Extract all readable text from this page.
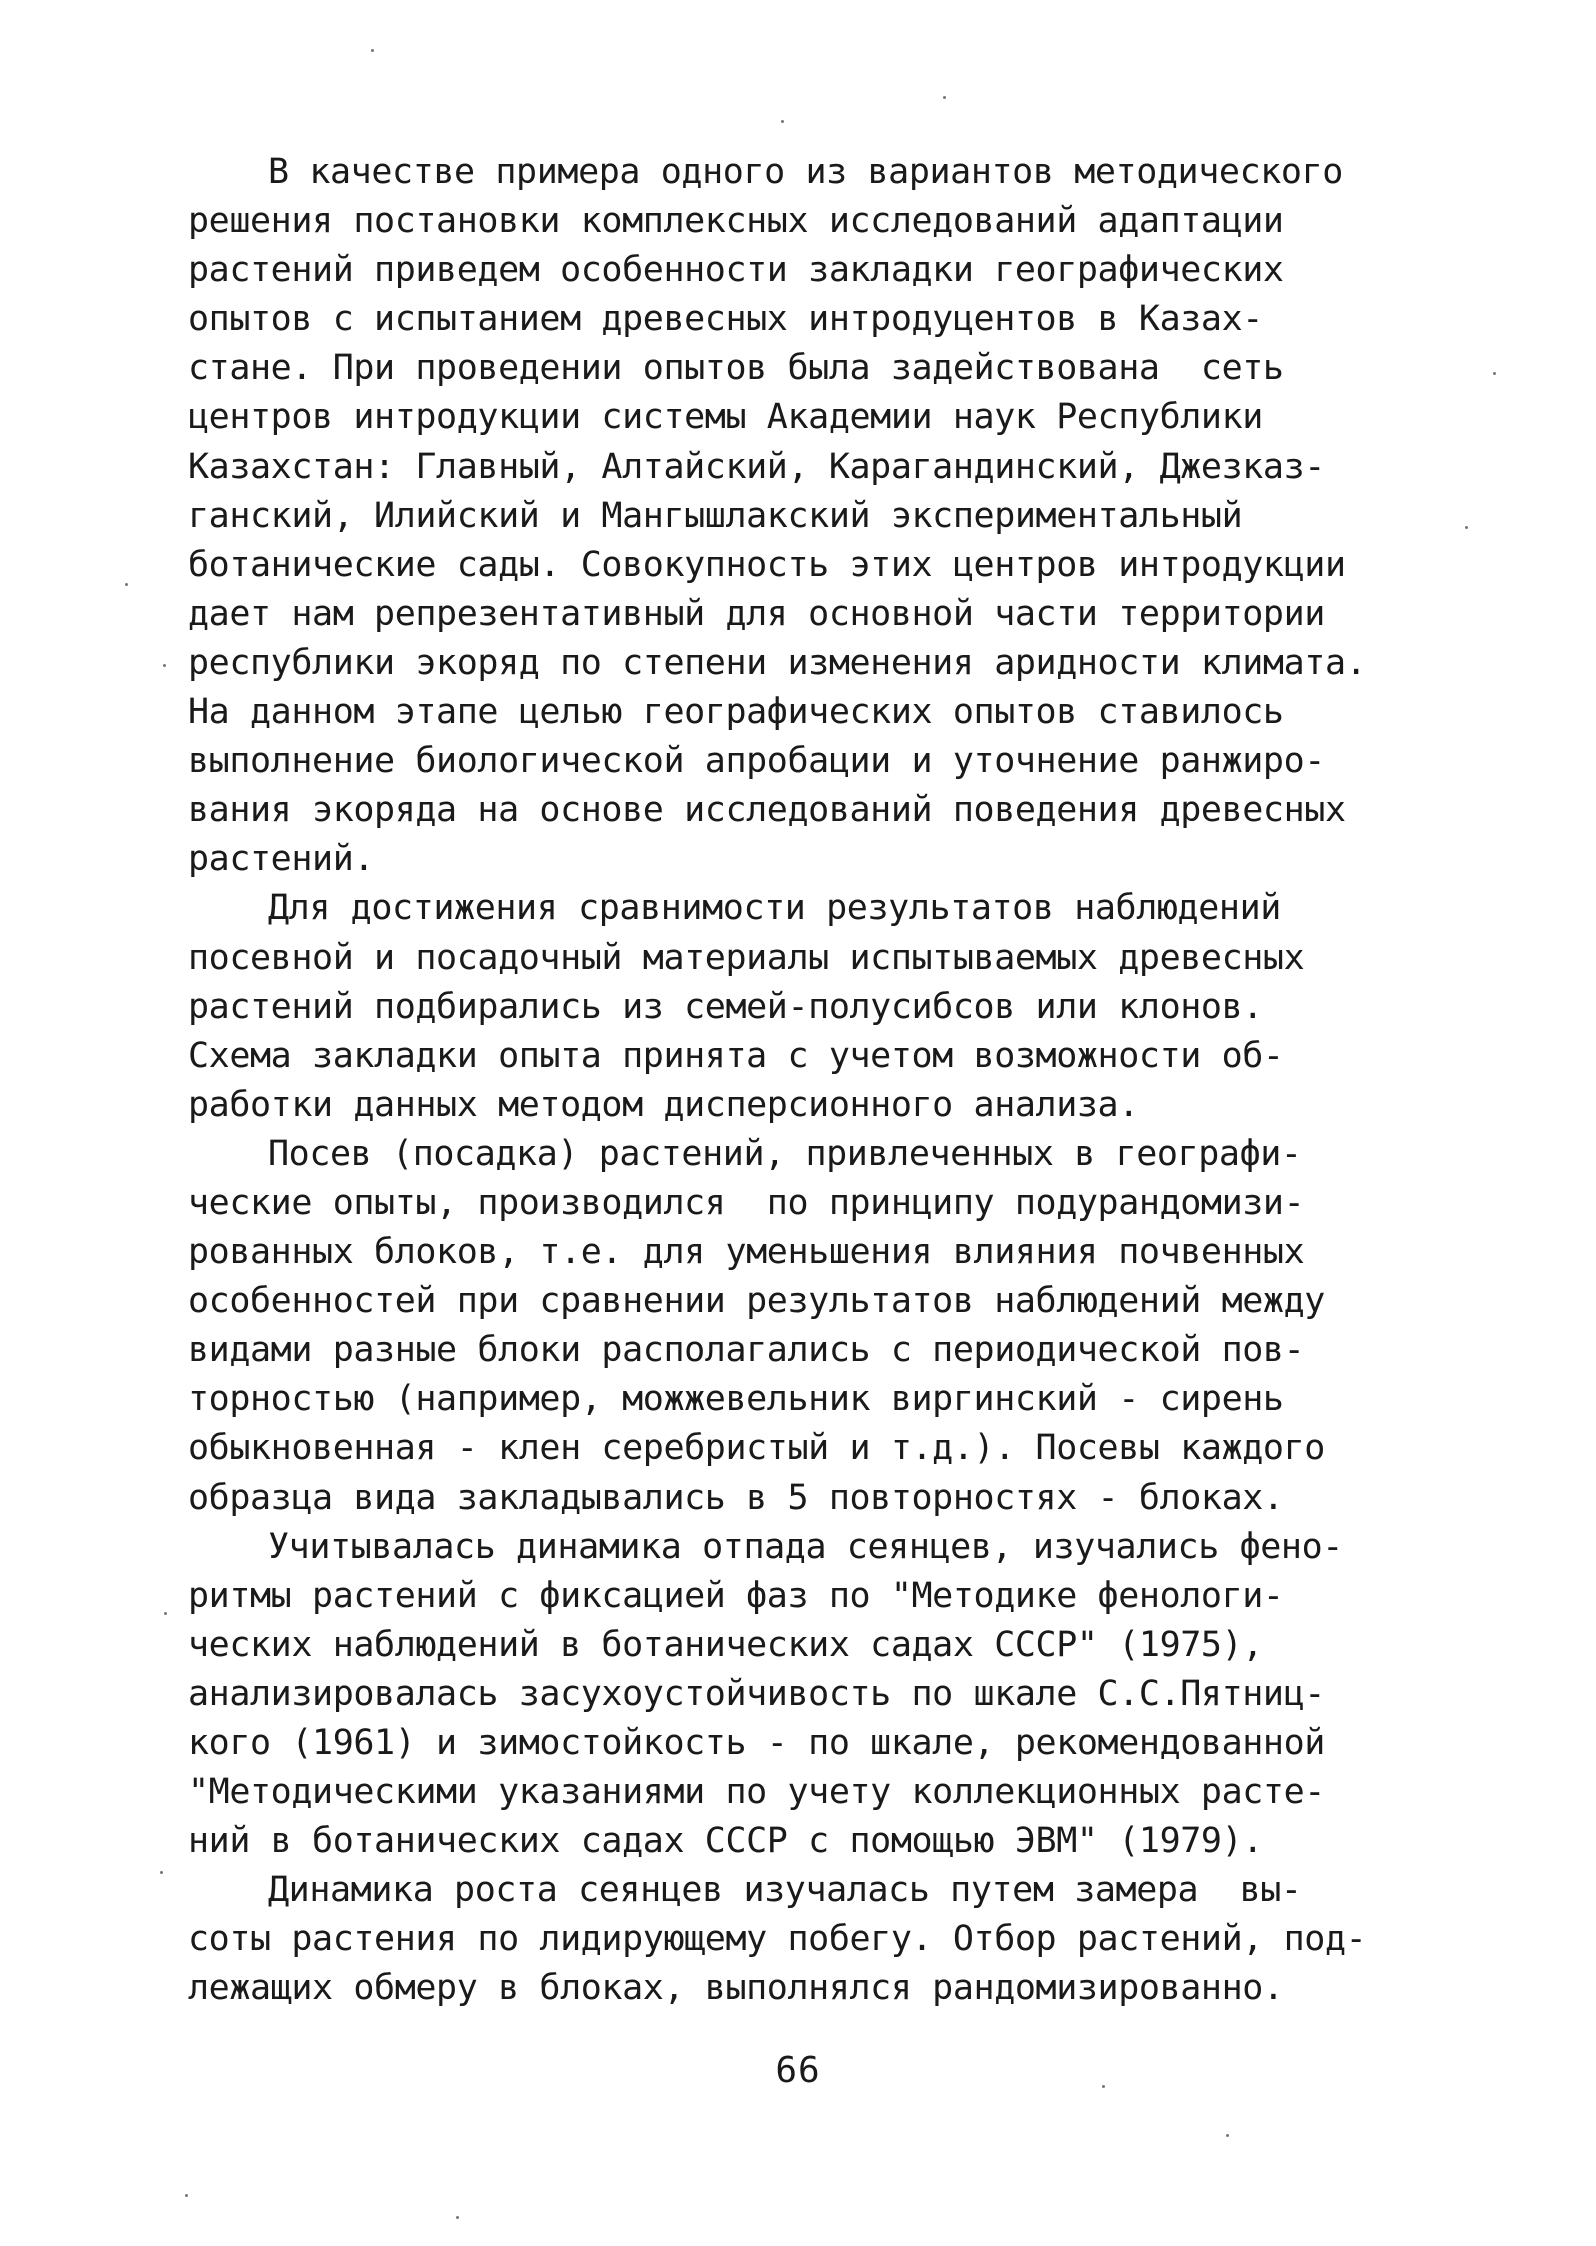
В качестве примера одного из вариантов методического
решения постановки комплексных исследований адаптации
растений приведем особенности закладки географических
опытов с испытанием древесных интродуцентов в Казах-
стане. При проведении опытов была задействована  сеть
центров интродукции системы Академии наук Республики
Казахстан: Главный, Алтайский, Карагандинский, Джезказ-
ганский, Илийский и Мангышлакский экспериментальный
ботанические сады. Совокупность этих центров интродукции
дает нам репрезентативный для основной части территории
республики экоряд по степени изменения аридности климата.
На данном этапе целью географических опытов ставилось
выполнение биологической апробации и уточнение ранжиро-
вания экоряда на основе исследований поведения древесных
растений.
Для достижения сравнимости результатов наблюдений
посевной и посадочный материалы испытываемых древесных
растений подбирались из семей-полусибсов или клонов.
Схема закладки опыта принята с учетом возможности об-
работки данных методом дисперсионного анализа.
Посев (посадка) растений, привлеченных в географи-
ческие опыты, производился  по принципу подурандомизи-
рованных блоков, т.е. для уменьшения влияния почвенных
особенностей при сравнении результатов наблюдений между
видами разные блоки располагались с периодической пов-
торностью (например, можжевельник виргинский - сирень
обыкновенная - клен серебристый и т.д.). Посевы каждого
образца вида закладывались в 5 повторностях - блоках.
Учитывалась динамика отпада сеянцев, изучались фено-
ритмы растений с фиксацией фаз по "Методике фенологи-
ческих наблюдений в ботанических садах СССР" (1975),
анализировалась засухоустойчивость по шкале С.С.Пятниц-
кого (1961) и зимостойкость - по шкале, рекомендованной
"Методическими указаниями по учету коллекционных расте-
ний в ботанических садах СССР с помощью ЭВМ" (1979).
Динамика роста сеянцев изучалась путем замера  вы-
соты растения по лидирующему побегу. Отбор растений, под-
лежащих обмеру в блоках, выполнялся рандомизированно.
66
